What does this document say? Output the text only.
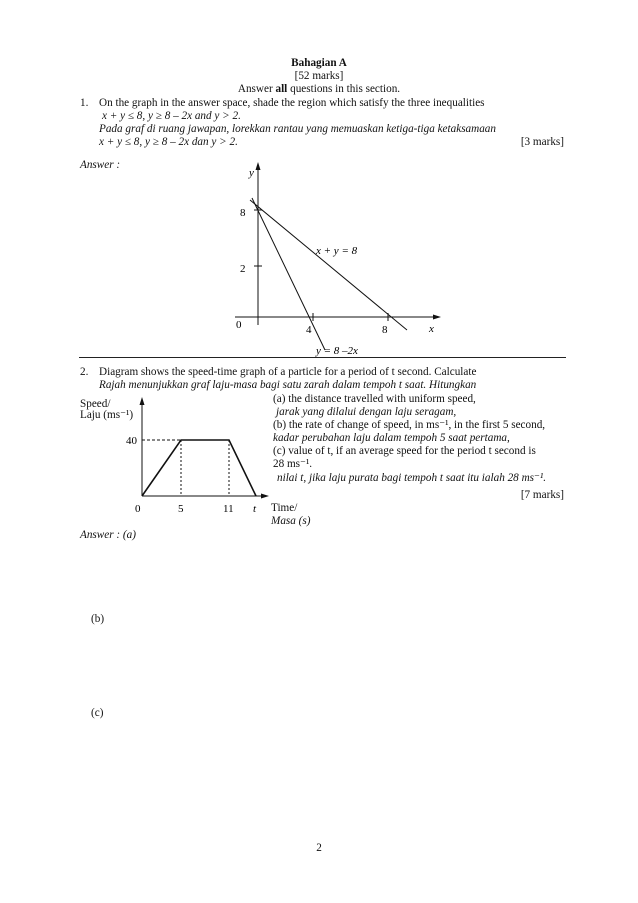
Bahagian A
[52 marks]
Answer all questions in this section.
1. On the graph in the answer space, shade the region which satisfy the three inequalities
x + y ≤ 8, y ≥ 8 – 2x and y > 2.
Pada graf di ruang jawapan, lorekkan rantau yang memuaskan ketiga-tiga ketaksamaan
x + y ≤ 8, y ≥ 8 – 2x dan y > 2.	[3 marks]
Answer :
y
x
0
8
2
4	8
x + y = 8
y = 8 –2x
2. Diagram shows the speed-time graph of a particle for a period of t second. Calculate
Rajah menunjukkan graf laju-masa bagi satu zarah dalam tempoh t saat. Hitungkan
(a) the distance travelled with uniform speed,
jarak yang dilalui dengan laju seragam,
(b) the rate of change of speed, in ms⁻¹, in the first 5 second,
kadar perubahan laju dalam tempoh 5 saat pertama,
(c) value of t, if an average speed for the period t second is
28 ms⁻¹.
nilai t, jika laju purata bagi tempoh t saat itu ialah 28 ms⁻¹.
[7 marks]
Speed/
Laju (ms⁻¹)
Time/
Masa (s)
40
0	5	11 t
Answer : (a)
(b)
(c)
2
